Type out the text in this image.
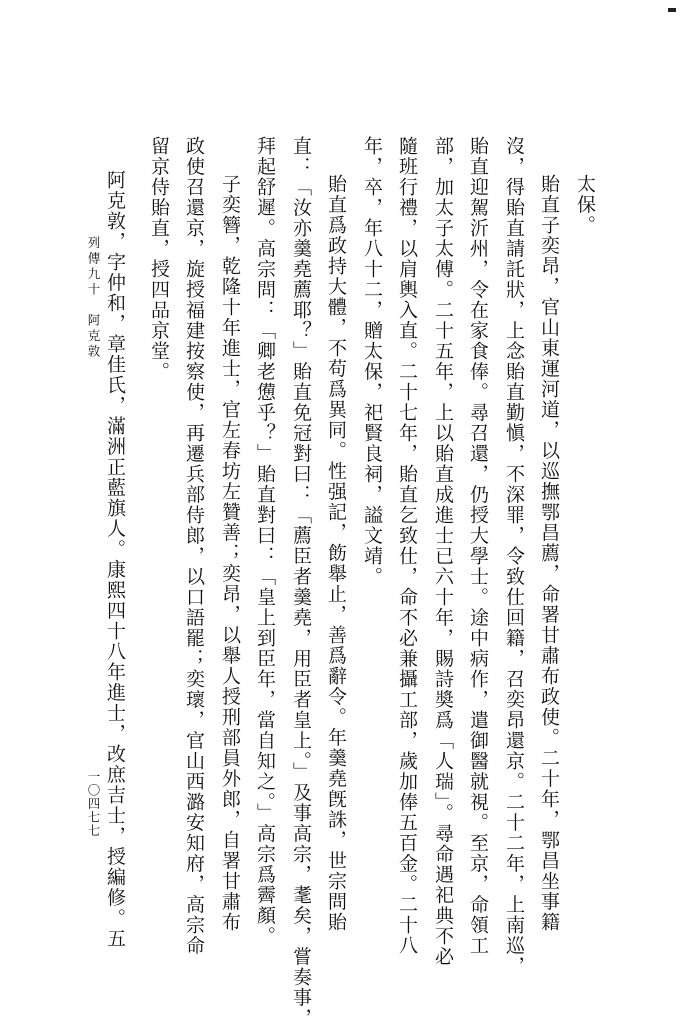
太保。
貽直子奕昂，官山東運河道，以巡撫鄂昌薦，命署甘肅布政使。二十年，鄂昌坐事籍
沒，得貽直請託狀，上念貽直勤愼，不深罪，令致仕回籍，召奕昂還京。二十二年，上南巡，
貽直迎駕沂州，令在家食俸。尋召還，仍授大學士。途中病作，遣御醫就視。至京，命領工
部，加太子太傅。二十五年，上以貽直成進士已六十年，賜詩奬爲「人瑞」。尋命遇祀典不必
隨班行禮，以肩輿入直。二十七年，貽直乞致仕，命不必兼攝工部，歲加俸五百金。二十八
年，卒，年八十二，贈太保，祀賢良祠，謚文靖。
貽直爲政持大體，不苟爲異同。性强記，飭舉止，善爲辭令。年羹堯旣誅，世宗問貽
直：「汝亦羹堯薦耶？」貽直免冠對曰：「薦臣者羹堯，用臣者皇上。」及事高宗，耄矣，嘗奏事，
拜起舒遲。高宗問：「卿老憊乎？」貽直對曰：「皇上到臣年，當自知之。」高宗爲霽顏。
子奕簪，乾隆十年進士，官左春坊左贊善；奕昂，以舉人授刑部員外郎，自署甘肅布
政使召還京，旋授福建按察使，再遷兵部侍郎，以口語罷；奕瓌，官山西潞安知府，高宗命
留京侍貽直，授四品京堂。
阿克敦，字仲和，章佳氏，滿洲正藍旗人。康熙四十八年進士，改庶吉士，授編修。五
列傳九十　阿克敦
一〇四七七
